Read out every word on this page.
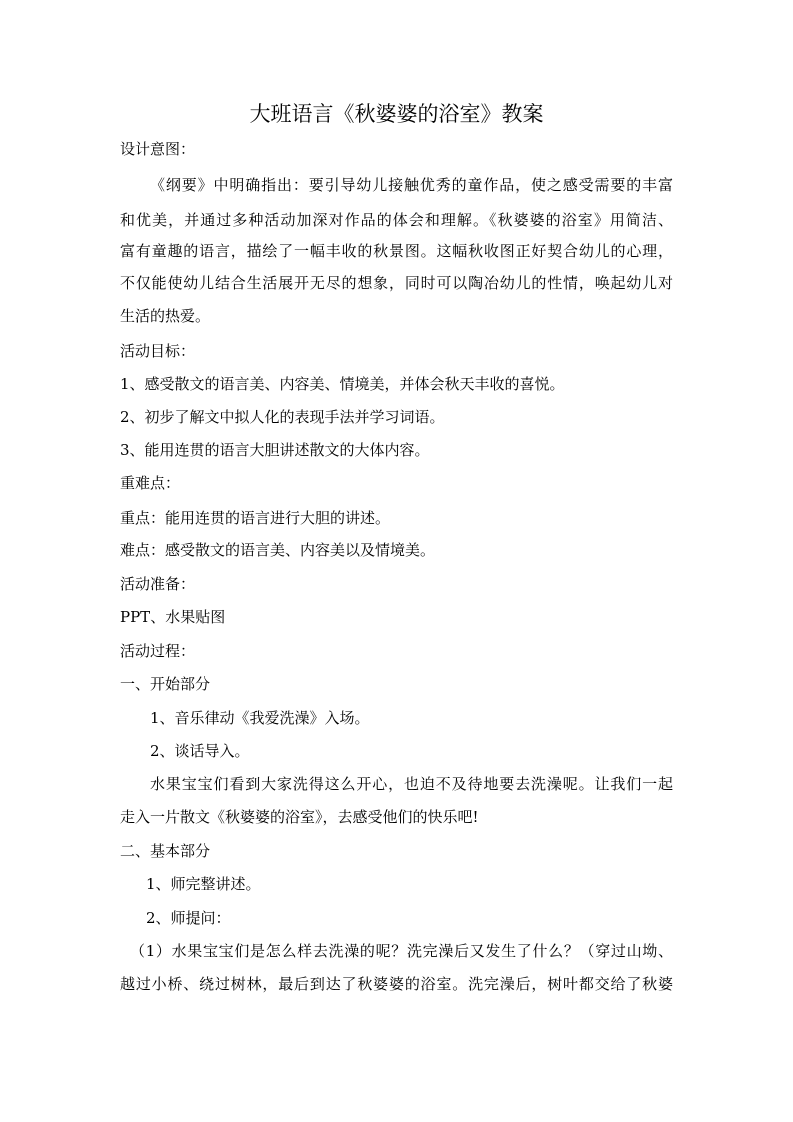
大班语言《秋婆婆的浴室》教案
设计意图：
《纲要》中明确指出：要引导幼儿接触优秀的童作品，使之感受需要的丰富
和优美，并通过多种活动加深对作品的体会和理解。《秋婆婆的浴室》用简洁、
富有童趣的语言，描绘了一幅丰收的秋景图。这幅秋收图正好契合幼儿的心理，
不仅能使幼儿结合生活展开无尽的想象，同时可以陶冶幼儿的性情，唤起幼儿对
生活的热爱。
活动目标：
1、感受散文的语言美、内容美、情境美，并体会秋天丰收的喜悦。
2、初步了解文中拟人化的表现手法并学习词语。
3、能用连贯的语言大胆讲述散文的大体内容。
重难点：
重点：能用连贯的语言进行大胆的讲述。
难点：感受散文的语言美、内容美以及情境美。
活动准备：
PPT、水果贴图
活动过程：
一、开始部分
1、音乐律动《我爱洗澡》入场。
2、谈话导入。
水果宝宝们看到大家洗得这么开心，也迫不及待地要去洗澡呢。让我们一起
走入一片散文《秋婆婆的浴室》，去感受他们的快乐吧!
二、基本部分
1、师完整讲述。
2、师提问：
（1）水果宝宝们是怎么样去洗澡的呢？洗完澡后又发生了什么？（穿过山坳、
越过小桥、绕过树林，最后到达了秋婆婆的浴室。洗完澡后，树叶都交给了秋婆
